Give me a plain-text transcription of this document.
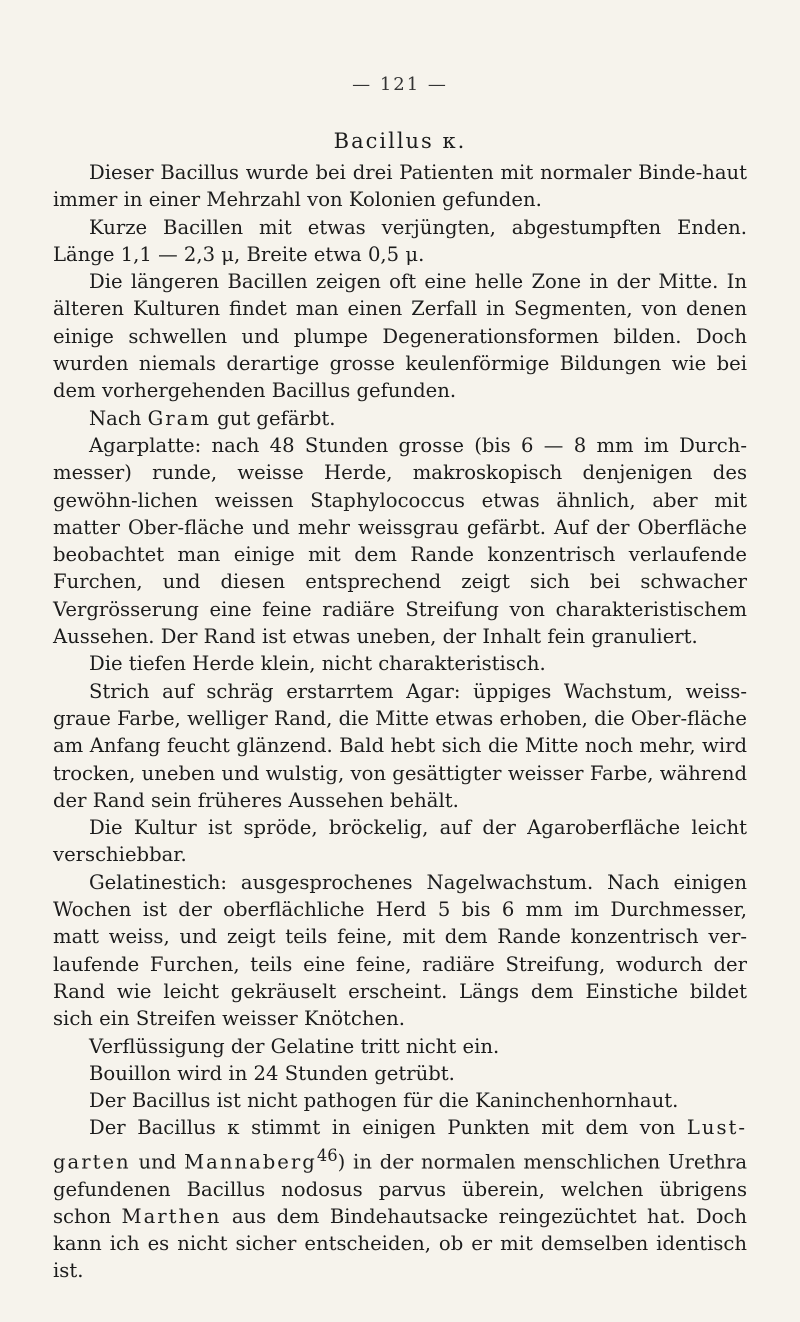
— 121 —
Bacillus κ.

Dieser Bacillus wurde bei drei Patienten mit normaler Binde-haut immer in einer Mehrzahl von Kolonien gefunden.

Kurze Bacillen mit etwas verjüngten, abgestumpften Enden. Länge 1,1 — 2,3 μ, Breite etwa 0,5 μ.

Die längeren Bacillen zeigen oft eine helle Zone in der Mitte. In älteren Kulturen findet man einen Zerfall in Segmenten, von denen einige schwellen und plumpe Degenerationsformen bilden. Doch wurden niemals derartige grosse keulenförmige Bildungen wie bei dem vorhergehenden Bacillus gefunden.

Nach Gram gut gefärbt.

Agarplatte: nach 48 Stunden grosse (bis 6 — 8 mm im Durch-messer) runde, weisse Herde, makroskopisch denjenigen des gewöhn-lichen weissen Staphylococcus etwas ähnlich, aber mit matter Ober-fläche und mehr weissgrau gefärbt. Auf der Oberfläche beobachtet man einige mit dem Rande konzentrisch verlaufende Furchen, und diesen entsprechend zeigt sich bei schwacher Vergrösserung eine feine radiäre Streifung von charakteristischem Aussehen. Der Rand ist etwas uneben, der Inhalt fein granuliert.

Die tiefen Herde klein, nicht charakteristisch.

Strich auf schräg erstarrtem Agar: üppiges Wachstum, weiss-graue Farbe, welliger Rand, die Mitte etwas erhoben, die Ober-fläche am Anfang feucht glänzend. Bald hebt sich die Mitte noch mehr, wird trocken, uneben und wulstig, von gesättigter weisser Farbe, während der Rand sein früheres Aussehen behält.

Die Kultur ist spröde, bröckelig, auf der Agaroberfläche leicht verschiebbar.

Gelatinestich: ausgesprochenes Nagelwachstum. Nach einigen Wochen ist der oberflächliche Herd 5 bis 6 mm im Durchmesser, matt weiss, und zeigt teils feine, mit dem Rande konzentrisch ver-laufende Furchen, teils eine feine, radiäre Streifung, wodurch der Rand wie leicht gekräuselt erscheint. Längs dem Einstiche bildet sich ein Streifen weisser Knötchen.

Verflüssigung der Gelatine tritt nicht ein.

Bouillon wird in 24 Stunden getrübt.

Der Bacillus ist nicht pathogen für die Kaninchenhornhaut.

Der Bacillus κ stimmt in einigen Punkten mit dem von Lust-garten und Mannaberg$^{46}$) in der normalen menschlichen Urethra gefundenen Bacillus nodosus parvus überein, welchen übrigens schon Marthen aus dem Bindehautsacke reingezüchtet hat. Doch kann ich es nicht sicher entscheiden, ob er mit demselben identisch ist.
